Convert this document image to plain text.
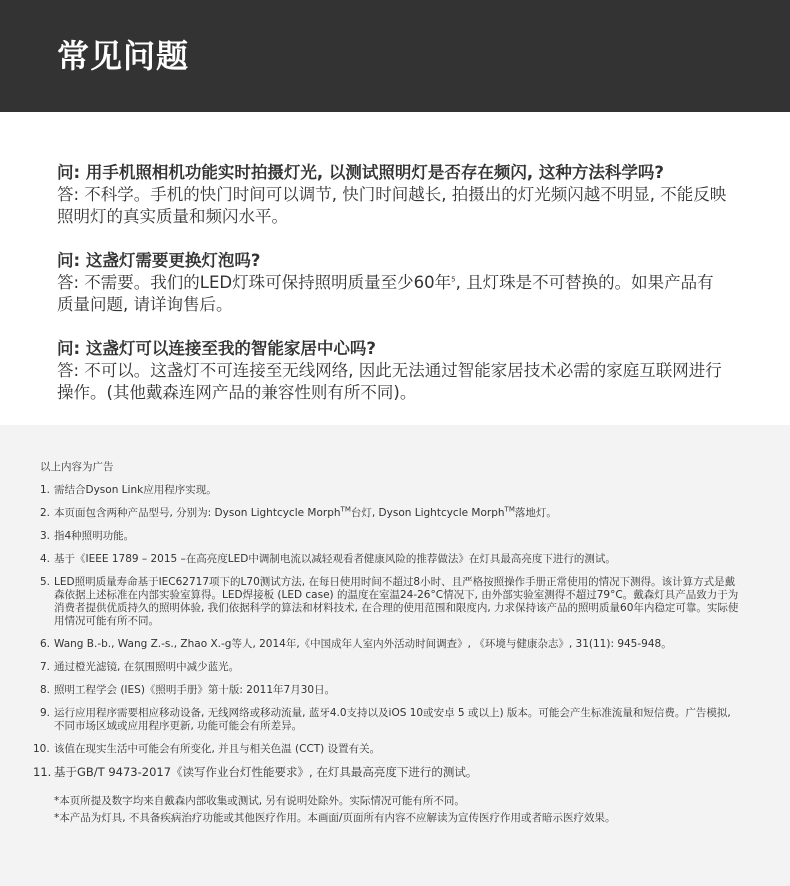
常见问题
问: 用手机照相机功能实时拍摄灯光, 以测试照明灯是否存在频闪, 这种方法科学吗?
答: 不科学。手机的快门时间可以调节, 快门时间越长, 拍摄出的灯光频闪越不明显, 不能反映照明灯的真实质量和频闪水平。
问: 这盏灯需要更换灯泡吗?
答: 不需要。我们的LED灯珠可保持照明质量至少60年$^5$, 且灯珠是不可替换的。如果产品有质量问题, 请详询售后。
问: 这盏灯可以连接至我的智能家居中心吗?
答: 不可以。这盏灯不可连接至无线网络, 因此无法通过智能家居技术必需的家庭互联网进行操作。(其他戴森连网产品的兼容性则有所不同)。
以上内容为广告
1. 需结合Dyson Link应用程序实现。
2. 本页面包含两种产品型号, 分别为: Dyson Lightcycle Morph™台灯, Dyson Lightcycle Morph™落地灯。
3. 指4种照明功能。
4. 基于《IEEE 1789 – 2015 –在高亮度LED中调制电流以减轻观看者健康风险的推荐做法》在灯具最高亮度下进行的测试。
5. LED照明质量寿命基于IEC62717项下的L70测试方法, 在每日使用时间不超过8小时、且严格按照操作手册正常使用的情况下测得。该计算方式是戴森依据上述标准在内部实验室算得。LED焊接板 (LED case) 的温度在室温24-26°C情况下, 由外部实验室测得不超过79°C。戴森灯具产品致力于为消费者提供优质持久的照明体验, 我们依据科学的算法和材料技术, 在合理的使用范围和限度内, 力求保持该产品的照明质量60年内稳定可靠。实际使用情况可能有所不同。
6. Wang B.-b., Wang Z.-s., Zhao X.-g等人, 2014年,《中国成年人室内外活动时间调查》, 《环境与健康杂志》, 31(11): 945-948。
7. 通过橙光滤镜, 在氛围照明中减少蓝光。
8. 照明工程学会 (IES)《照明手册》第十版: 2011年7月30日。
9. 运行应用程序需要相应移动设备, 无线网络或移动流量, 蓝牙4.0支持以及iOS 10或安卓 5 或以上) 版本。可能会产生标准流量和短信费。广告模拟, 不同市场区域或应用程序更新, 功能可能会有所差异。
10. 该值在现实生活中可能会有所变化, 并且与相关色温 (CCT) 设置有关。
11. 基于GB/T 9473-2017《读写作业台灯性能要求》, 在灯具最高亮度下进行的测试。
*本页所提及数字均来自戴森内部收集或测试, 另有说明处除外。实际情况可能有所不同。
*本产品为灯具, 不具备疾病治疗功能或其他医疗作用。本画面/页面所有内容不应解读为宣传医疗作用或者暗示医疗效果。
